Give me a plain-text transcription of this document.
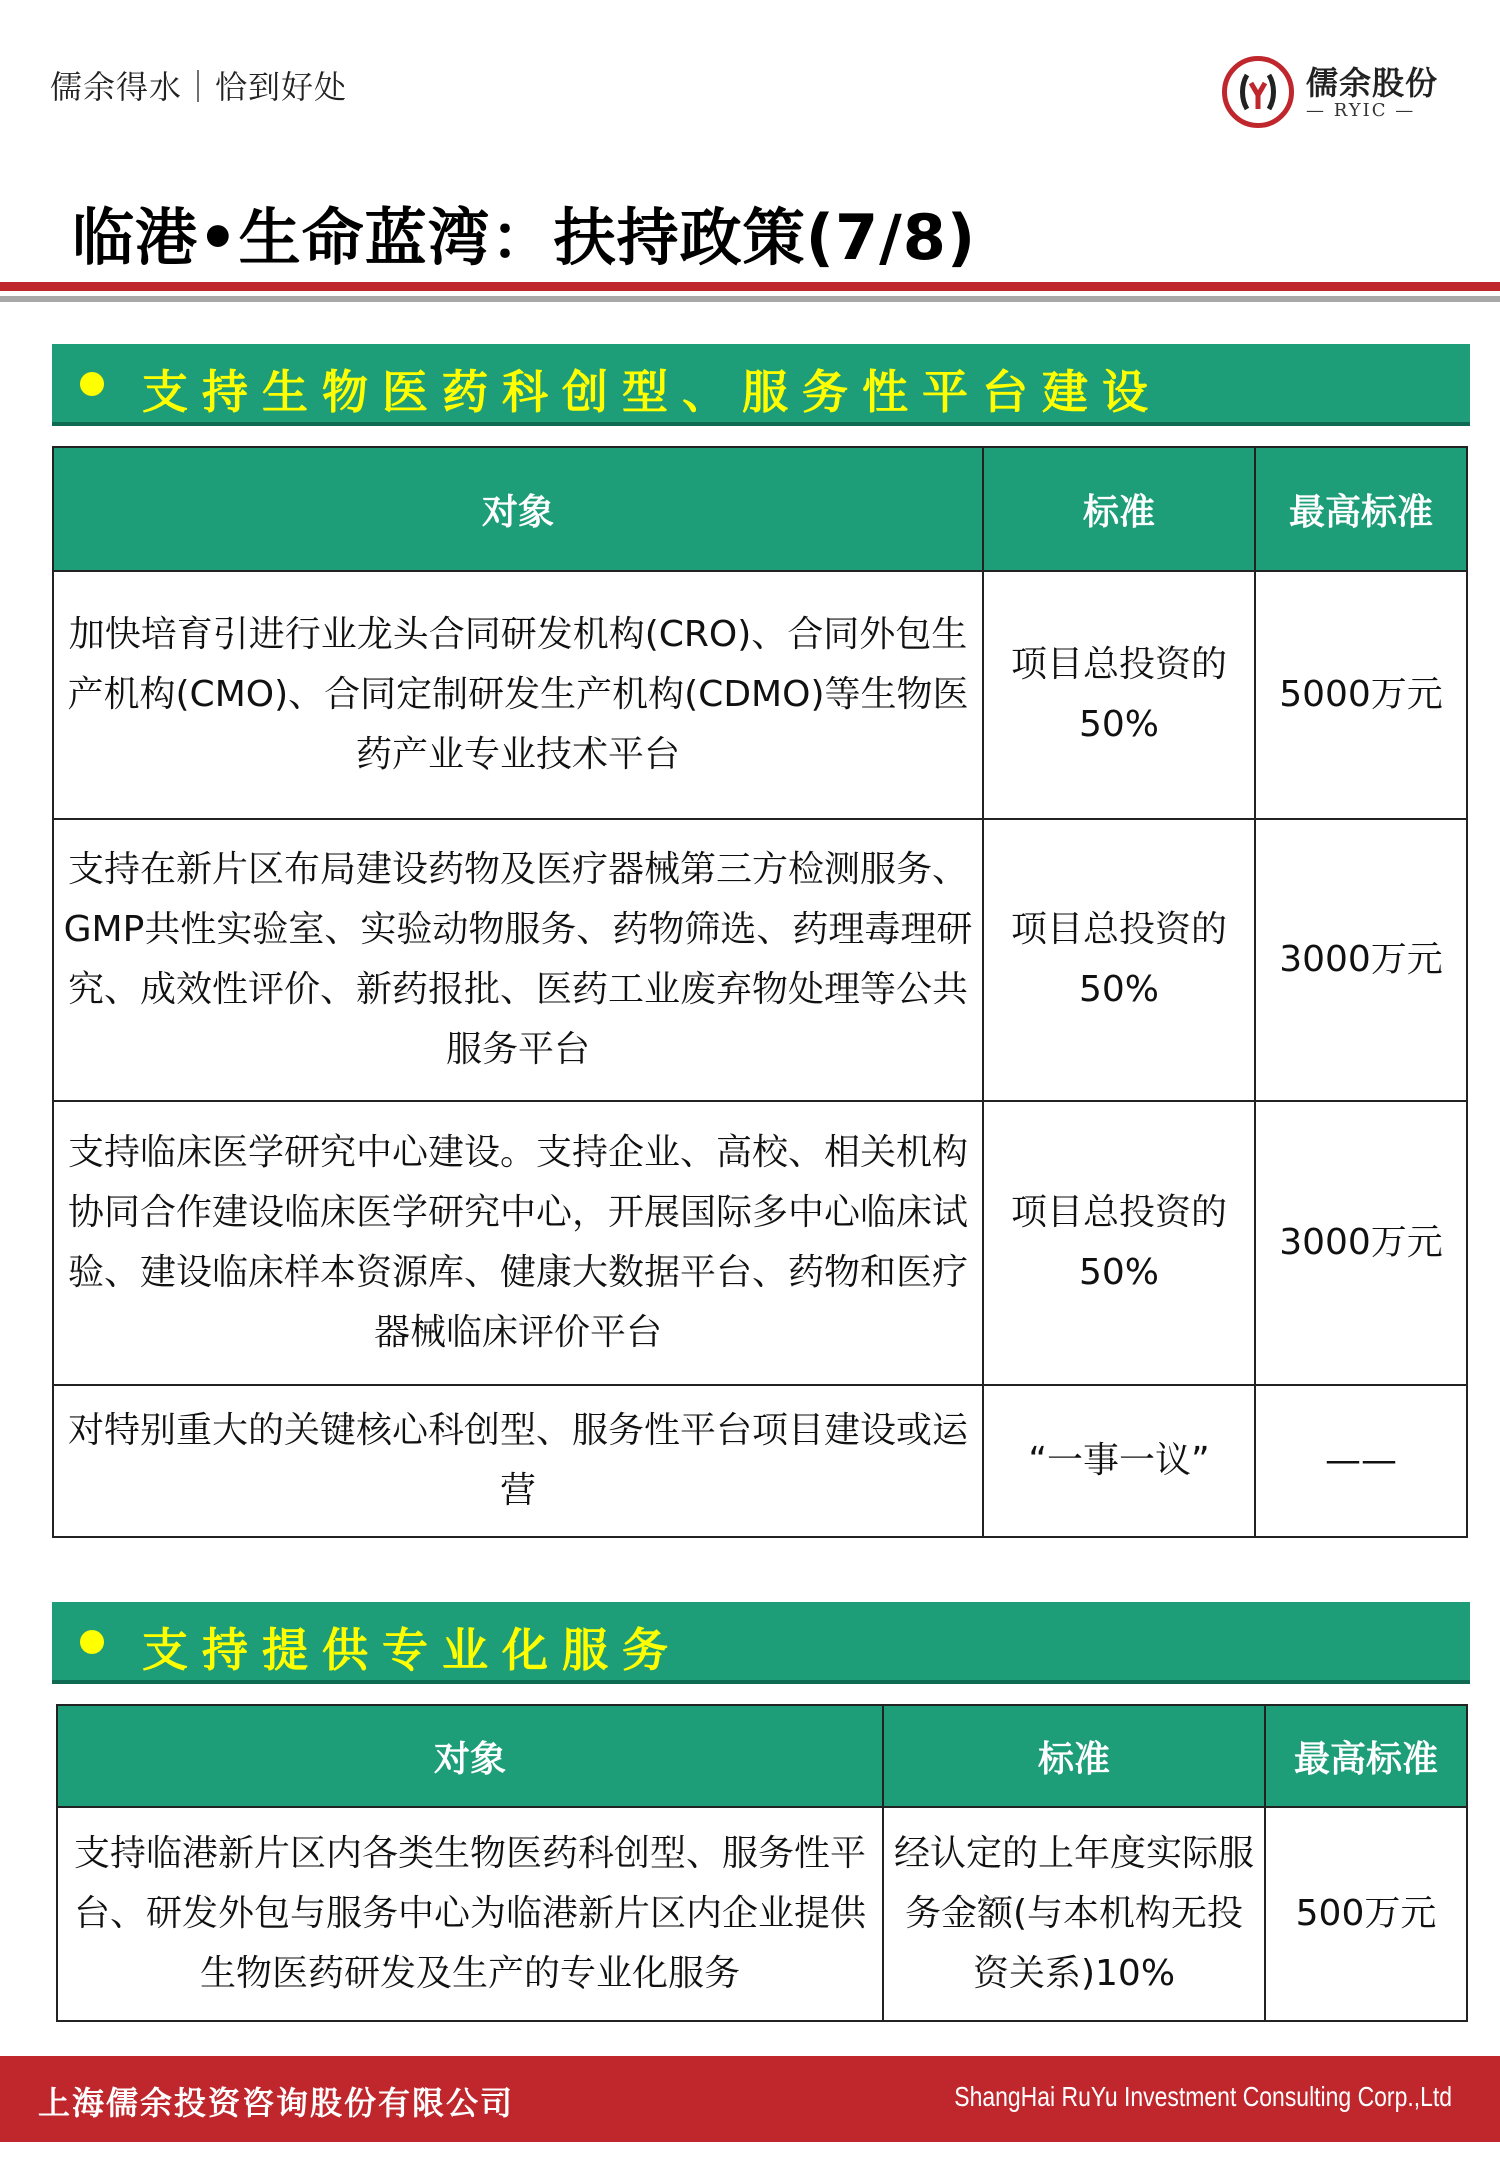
儒余得水｜恰到好处	儒余股份
— RYIC —
临港•生命蓝湾：扶持政策(7/8)
支持生物医药科创型、服务性平台建设
对象	标准	最高标准
加快培育引进行业龙头合同研发机构(CRO)、合同外包生产机构(CMO)、合同定制研发生产机构(CDMO)等生物医药产业专业技术平台	项目总投资的50%	5000万元
支持在新片区布局建设药物及医疗器械第三方检测服务、GMP共性实验室、实验动物服务、药物筛选、药理毒理研究、成效性评价、新药报批、医药工业废弃物处理等公共服务平台	项目总投资的50%	3000万元
支持临床医学研究中心建设。支持企业、高校、相关机构协同合作建设临床医学研究中心，开展国际多中心临床试验、建设临床样本资源库、健康大数据平台、药物和医疗器械临床评价平台	项目总投资的50%	3000万元
对特别重大的关键核心科创型、服务性平台项目建设或运营	“一事一议”	——
支持提供专业化服务
对象	标准	最高标准
支持临港新片区内各类生物医药科创型、服务性平台、研发外包与服务中心为临港新片区内企业提供生物医药研发及生产的专业化服务	经认定的上年度实际服务金额(与本机构无投资关系)10%	500万元
上海儒余投资咨询股份有限公司	ShangHai RuYu Investment Consulting Corp.,Ltd
